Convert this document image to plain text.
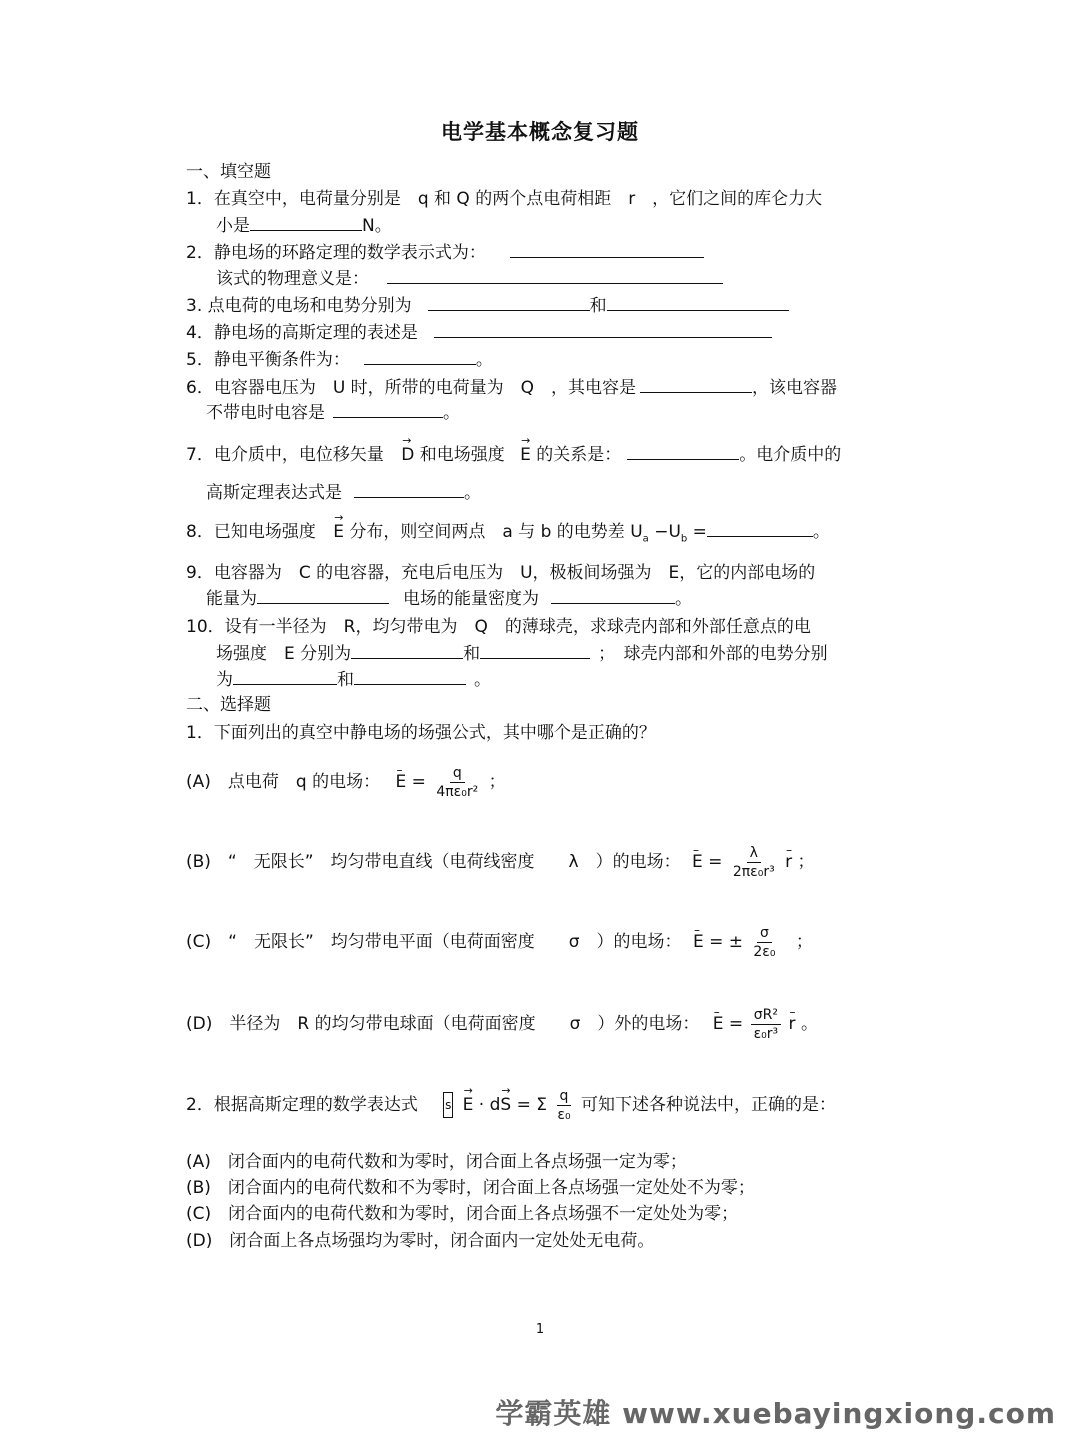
电学基本概念复习题
一、填空题
1．在真空中，电荷量分别是　q 和 Q 的两个点电荷相距　r　，它们之间的库仑力大
小是	N。
2．静电场的环路定理的数学表示式为：
该式的物理意义是：
3. 点电荷的电场和电势分别为	和
4．静电场的高斯定理的表述是
5．静电平衡条件为：	。
6．电容器电压为　U 时，所带的电荷量为　Q　，其电容是	，该电容器
不带电时电容是	。
7．电介质中，电位移矢量 → D 和电场强度 → E 的关系是：	。电介质中的
高斯定理表达式是	。
8．已知电场强度 → E 分布，则空间两点　a 与 b 的电势差 $U_a -U_b$ =	。
9．电容器为　C 的电容器，充电后电压为　U，极板间场强为　E，它的内部电场的
能量为	电场的能量密度为	。
10．设有一半径为　R，均匀带电为　Q　的薄球壳，求球壳内部和外部任意点的电
场强度　E 分别为	和	；　球壳内部和外部的电势分别
为	和	。
二、选择题
1．下面列出的真空中静电场的场强公式，其中哪个是正确的？
(A)　点电荷　q 的电场： – $E = \frac{q}{\text{4πε₀r²}}$ ；
(B)　“　无限长”　均匀带电直线（电荷线密度　　λ　）的电场： – $E = \frac{\lambda}{\text{2πε₀r³}}$
– r ；
(C)　“　无限长”　均匀带电平面（电荷面密度　　σ　）的电场： – E = ± $\frac{\sigma}{\text{2ε₀}}$ ；
(D)　半径为　R 的均匀带电球面（电荷面密度　　σ　）外的电场： – $E = \frac{\text{σR²}}{\text{ε₀r³}}$
– r 。
2．根据高斯定理的数学表达式 s → E · d→ S = Σ $\frac{q}{\text{ε₀}}$ 可知下述各种说法中，正确的是：
(A)　闭合面内的电荷代数和为零时，闭合面上各点场强一定为零；
(B)　闭合面内的电荷代数和不为零时，闭合面上各点场强一定处处不为零；
(C)　闭合面内的电荷代数和为零时，闭合面上各点场强不一定处处为零；
(D)　闭合面上各点场强均为零时，闭合面内一定处处无电荷。
1
学霸英雄 www.xuebayingxiong.com
